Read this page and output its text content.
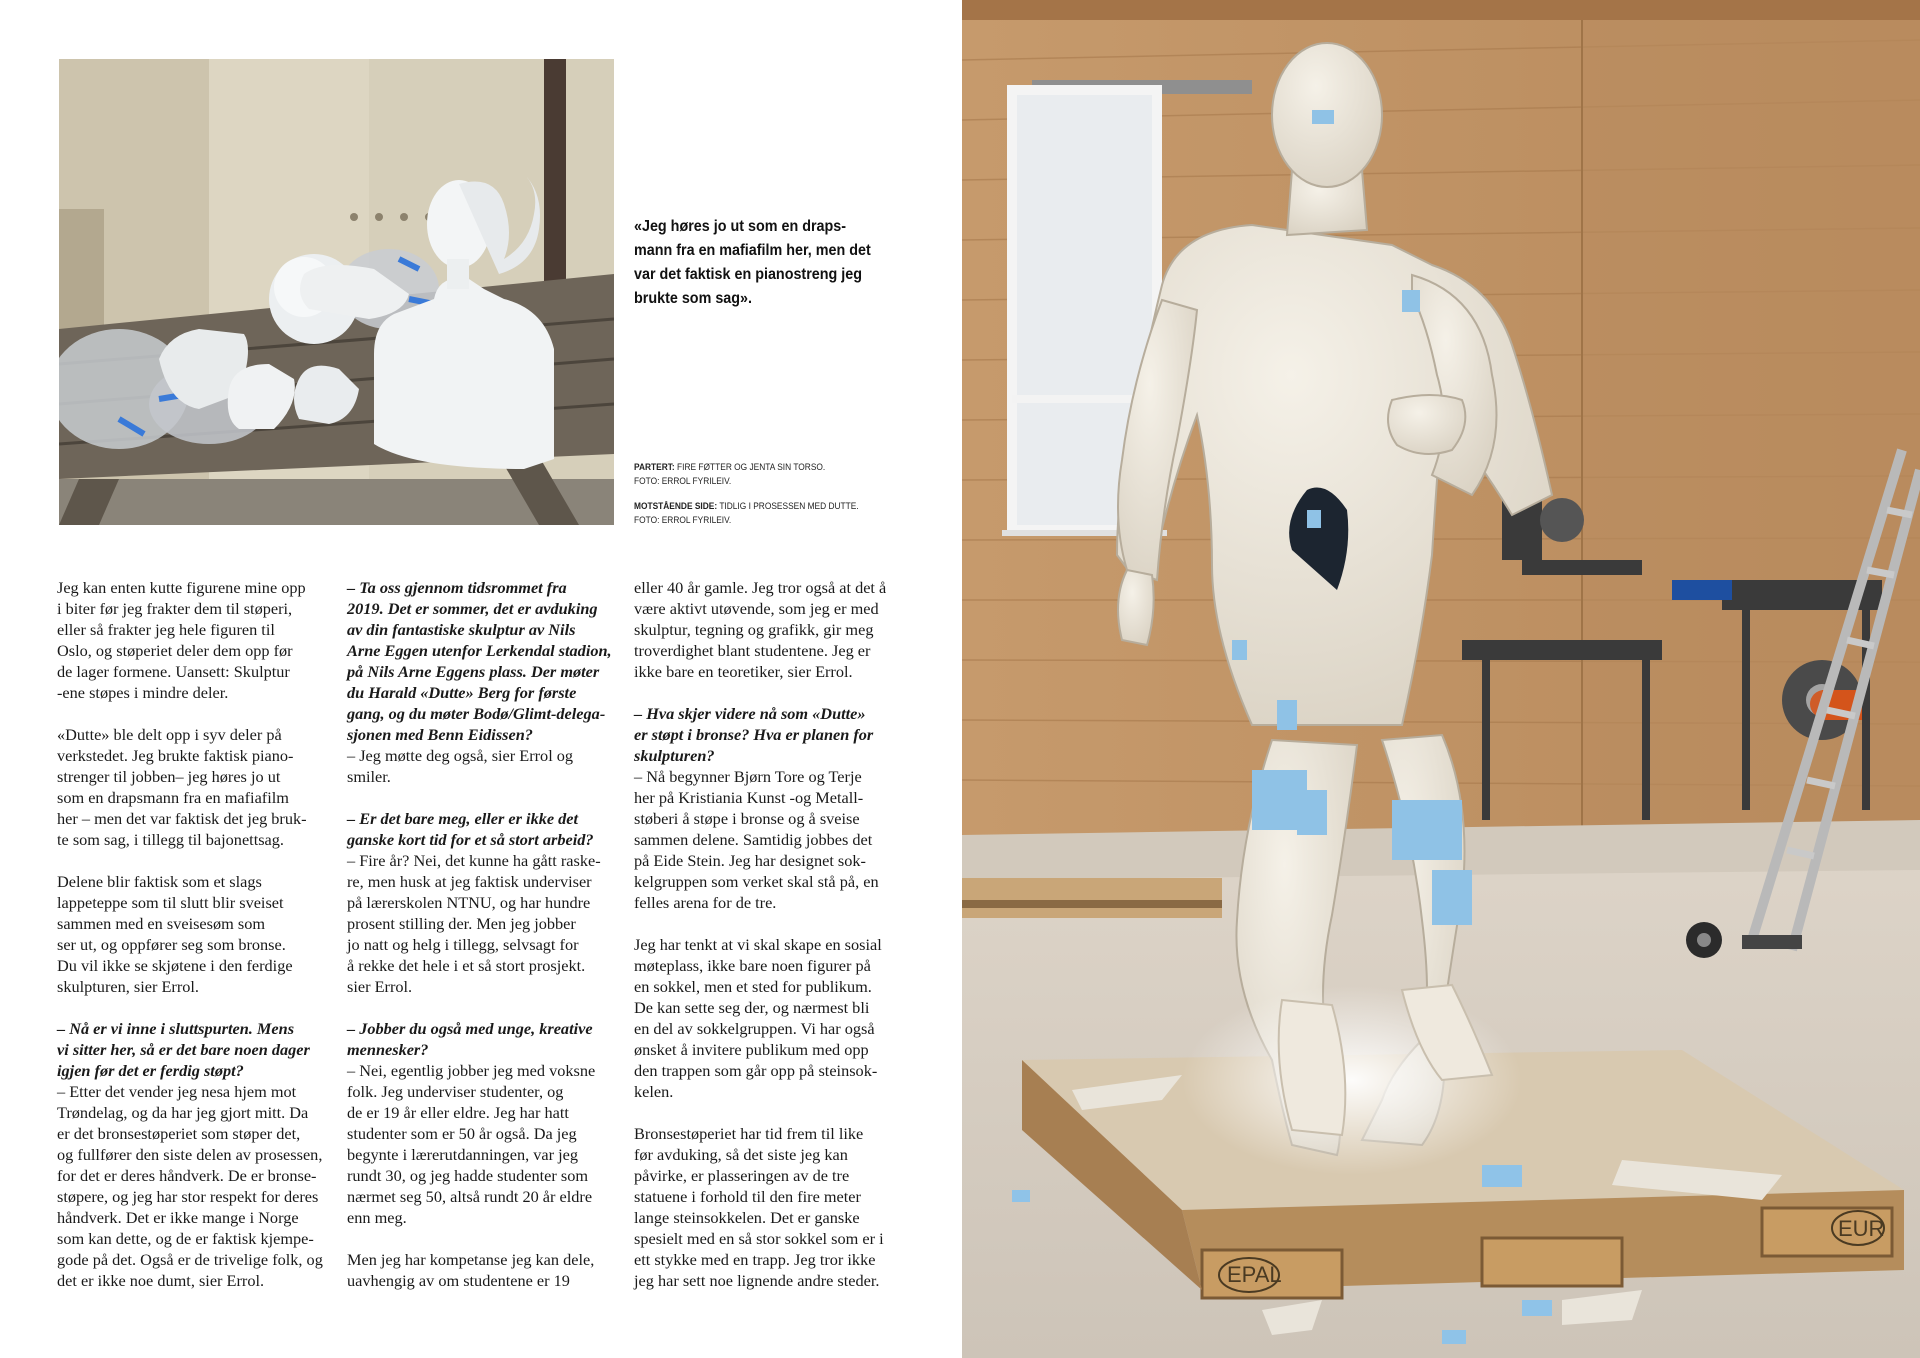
«Jeg høres jo ut som en draps-
mann fra en mafiafilm her, men det
var det faktisk en pianostreng jeg
brukte som sag».
PARTERT: FIRE FØTTER OG JENTA SIN TORSO.
FOTO: ERROL FYRILEIV.
MOTSTÅENDE SIDE: TIDLIG I PROSESSEN MED DUTTE.
FOTO: ERROL FYRILEIV.
Jeg kan enten kutte figurene mine opp
i biter før jeg frakter dem til støperi,
eller så frakter jeg hele figuren til
Oslo, og støperiet deler dem opp før
de lager formene. Uansett: Skulptur
-ene støpes i mindre deler.
«Dutte» ble delt opp i syv deler på
verkstedet. Jeg brukte faktisk piano-
strenger til jobben– jeg høres jo ut
som en drapsmann fra en mafiafilm
her – men det var faktisk det jeg bruk-
te som sag, i tillegg til bajonettsag.
Delene blir faktisk som et slags
lappeteppe som til slutt blir sveiset
sammen med en sveisesøm som
ser ut, og oppfører seg som bronse.
Du vil ikke se skjøtene i den ferdige
skulpturen, sier Errol.
– Nå er vi inne i sluttspurten. Mens
vi sitter her, så er det bare noen dager
igjen før det er ferdig støpt?
– Etter det vender jeg nesa hjem mot
Trøndelag, og da har jeg gjort mitt. Da
er det bronsestøperiet som støper det,
og fullfører den siste delen av prosessen,
for det er deres håndverk. De er bronse-
støpere, og jeg har stor respekt for deres
håndverk. Det er ikke mange i Norge
som kan dette, og de er faktisk kjempe-
gode på det. Også er de trivelige folk, og
det er ikke noe dumt, sier Errol.
– Ta oss gjennom tidsrommet fra
2019. Det er sommer, det er avduking
av din fantastiske skulptur av Nils
Arne Eggen utenfor Lerkendal stadion,
på Nils Arne Eggens plass. Der møter
du Harald «Dutte» Berg for første
gang, og du møter Bodø/Glimt-delega-
sjonen med Benn Eidissen?
– Jeg møtte deg også, sier Errol og
smiler.
– Er det bare meg, eller er ikke det
ganske kort tid for et så stort arbeid?
– Fire år? Nei, det kunne ha gått raske-
re, men husk at jeg faktisk underviser
på lærerskolen NTNU, og har hundre
prosent stilling der. Men jeg jobber
jo natt og helg i tillegg, selvsagt for
å rekke det hele i et så stort prosjekt.
sier Errol.
– Jobber du også med unge, kreative
mennesker?
– Nei, egentlig jobber jeg med voksne
folk. Jeg underviser studenter, og
de er 19 år eller eldre. Jeg har hatt
studenter som er 50 år også. Da jeg
begynte i lærerutdanningen, var jeg
rundt 30, og jeg hadde studenter som
nærmet seg 50, altså rundt 20 år eldre
enn meg.
Men jeg har kompetanse jeg kan dele,
uavhengig av om studentene er 19
eller 40 år gamle. Jeg tror også at det å
være aktivt utøvende, som jeg er med
skulptur, tegning og grafikk, gir meg
troverdighet blant studentene. Jeg er
ikke bare en teoretiker, sier Errol.
– Hva skjer videre nå som «Dutte»
er støpt i bronse? Hva er planen for
skulpturen?
– Nå begynner Bjørn Tore og Terje
her på Kristiania Kunst -og Metall-
støberi å støpe i bronse og å sveise
sammen delene. Samtidig jobbes det
på Eide Stein. Jeg har designet sok-
kelgruppen som verket skal stå på, en
felles arena for de tre.
Jeg har tenkt at vi skal skape en sosial
møteplass, ikke bare noen figurer på
en sokkel, men et sted for publikum.
De kan sette seg der, og nærmest bli
en del av sokkelgruppen. Vi har også
ønsket å invitere publikum med opp
den trappen som går opp på steinsok-
kelen.
Bronsestøperiet har tid frem til like
før avduking, så det siste jeg kan
påvirke, er plasseringen av de tre
statuene i forhold til den fire meter
lange steinsokkelen. Det er ganske
spesielt med en så stor sokkel som er i
ett stykke med en trapp. Jeg tror ikke
jeg har sett noe lignende andre steder.	EPAL
EUR
